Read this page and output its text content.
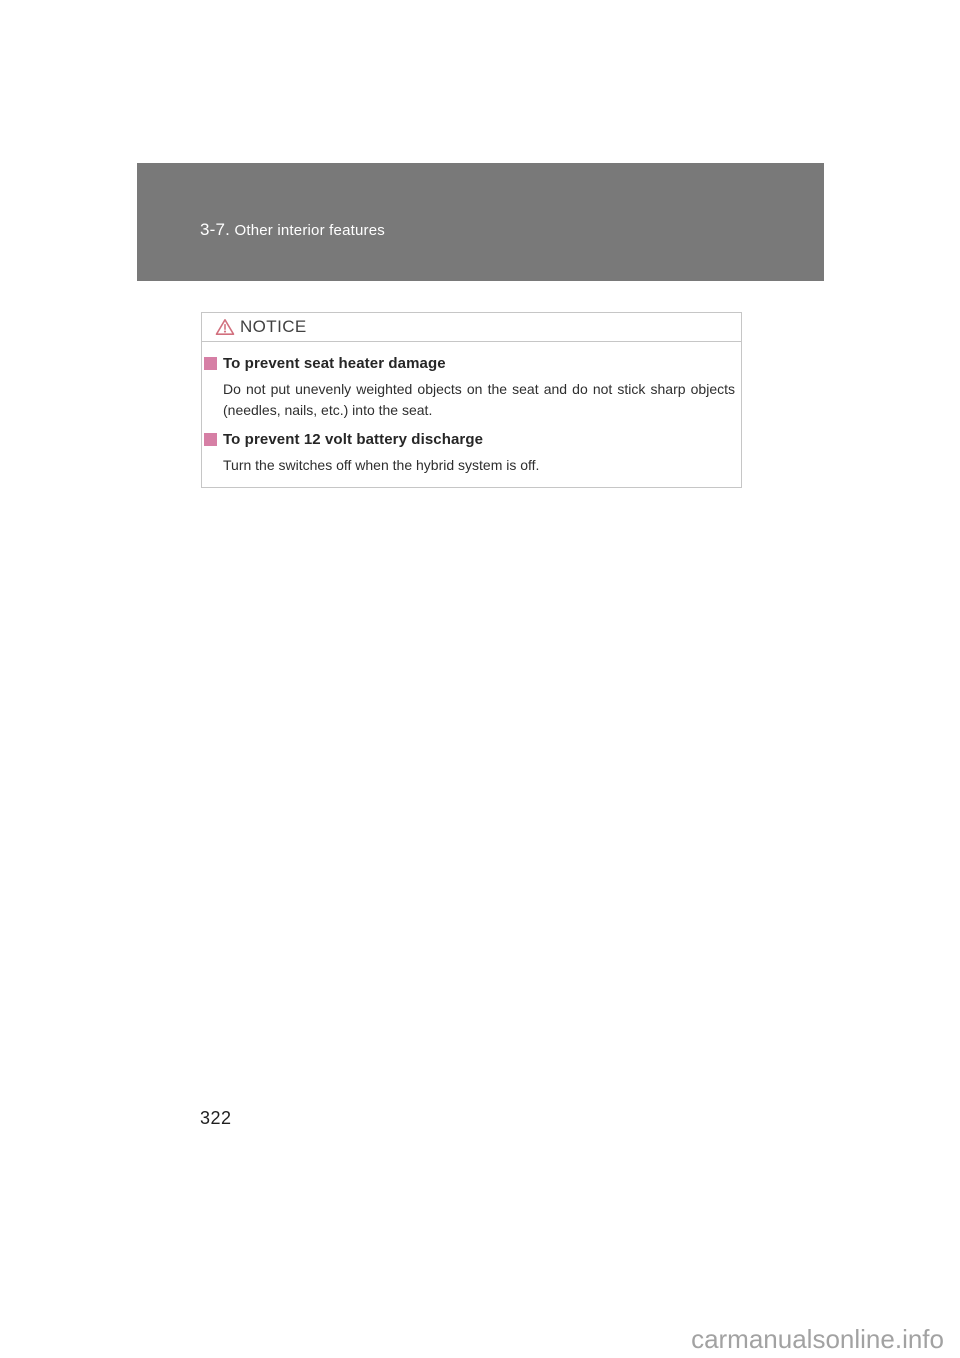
3-7. Other interior features
NOTICE
To prevent seat heater damage

Do not put unevenly weighted objects on the seat and do not stick sharp objects (needles, nails, etc.) into the seat.

To prevent 12 volt battery discharge

Turn the switches off when the hybrid system is off.

322
carmanualsonline.info
